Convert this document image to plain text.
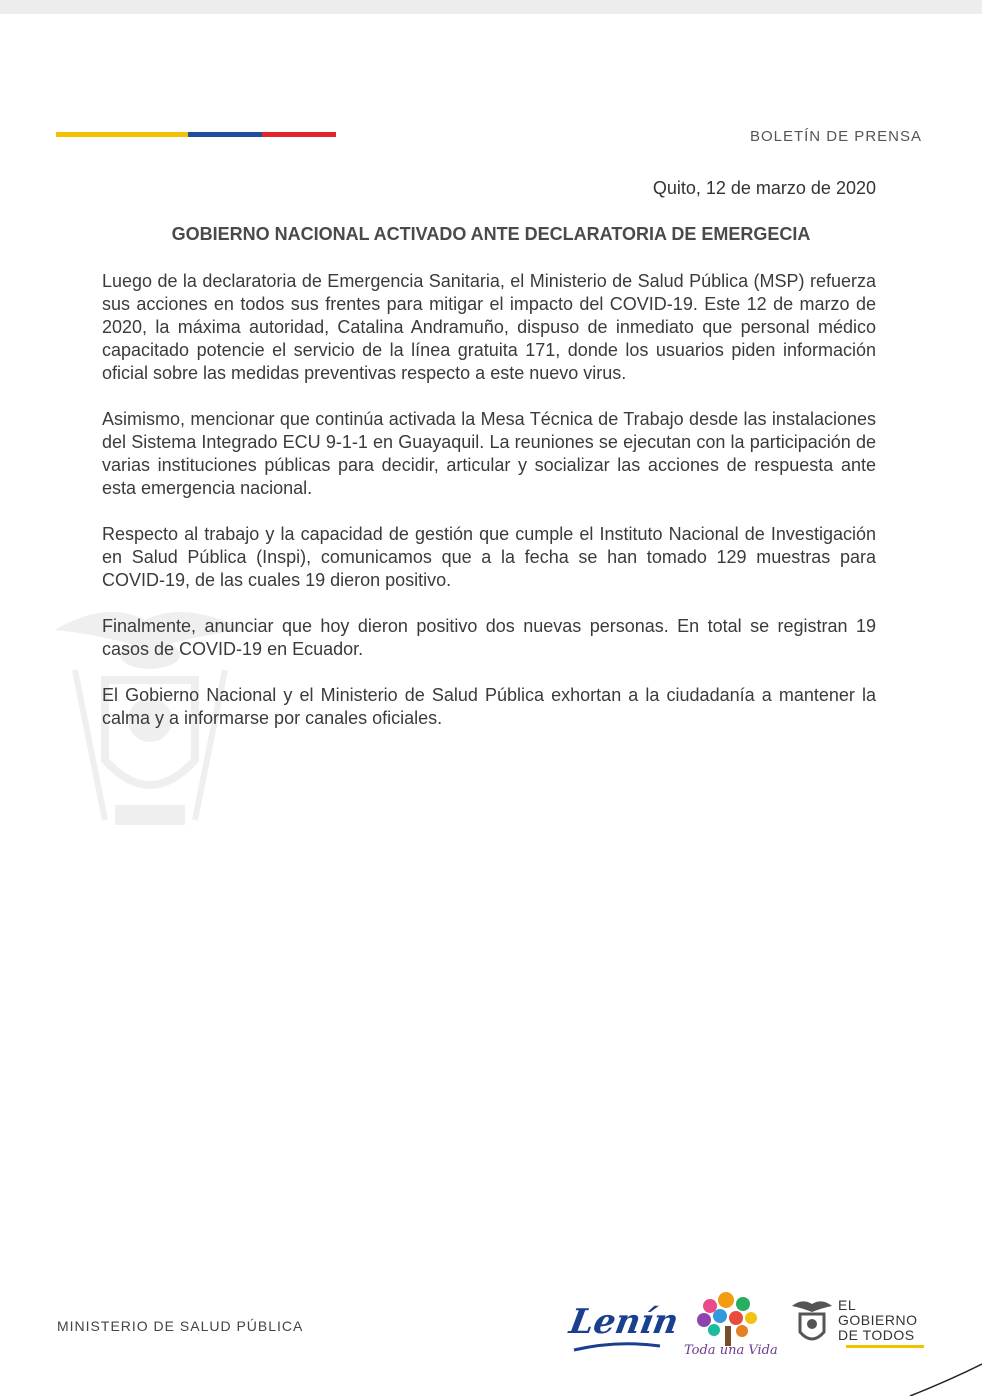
BOLETÍN DE PRENSA
Quito, 12 de marzo de 2020
GOBIERNO NACIONAL ACTIVADO ANTE DECLARATORIA DE EMERGECIA

Luego de la declaratoria de Emergencia Sanitaria, el Ministerio de Salud Pública (MSP) refuerza sus acciones en todos sus frentes para mitigar el impacto del COVID-19. Este 12 de marzo de 2020, la máxima autoridad, Catalina Andramuño, dispuso de inmediato que personal médico capacitado potencie el servicio de la línea gratuita 171, donde los usuarios piden información oficial sobre las medidas preventivas respecto a este nuevo virus.

Asimismo, mencionar que continúa activada la Mesa Técnica de Trabajo desde las instalaciones del Sistema Integrado ECU 9-1-1 en Guayaquil. La reuniones se ejecutan con la participación de varias instituciones públicas para decidir, articular y socializar las acciones de respuesta ante esta emergencia nacional.

Respecto al trabajo y la capacidad de gestión que cumple el Instituto Nacional de Investigación en Salud Pública (Inspi), comunicamos que a la fecha se han tomado 129 muestras para COVID-19, de las cuales 19 dieron positivo.

Finalmente, anunciar que hoy dieron positivo dos nuevas personas. En total se registran 19 casos de COVID-19 en Ecuador.

El Gobierno Nacional y el Ministerio de Salud Pública exhortan a la ciudadanía a mantener la calma y a informarse por canales oficiales.

MINISTERIO DE SALUD PÚBLICA	Lenín
Toda una Vida
EL
GOBIERNO
DE TODOS
